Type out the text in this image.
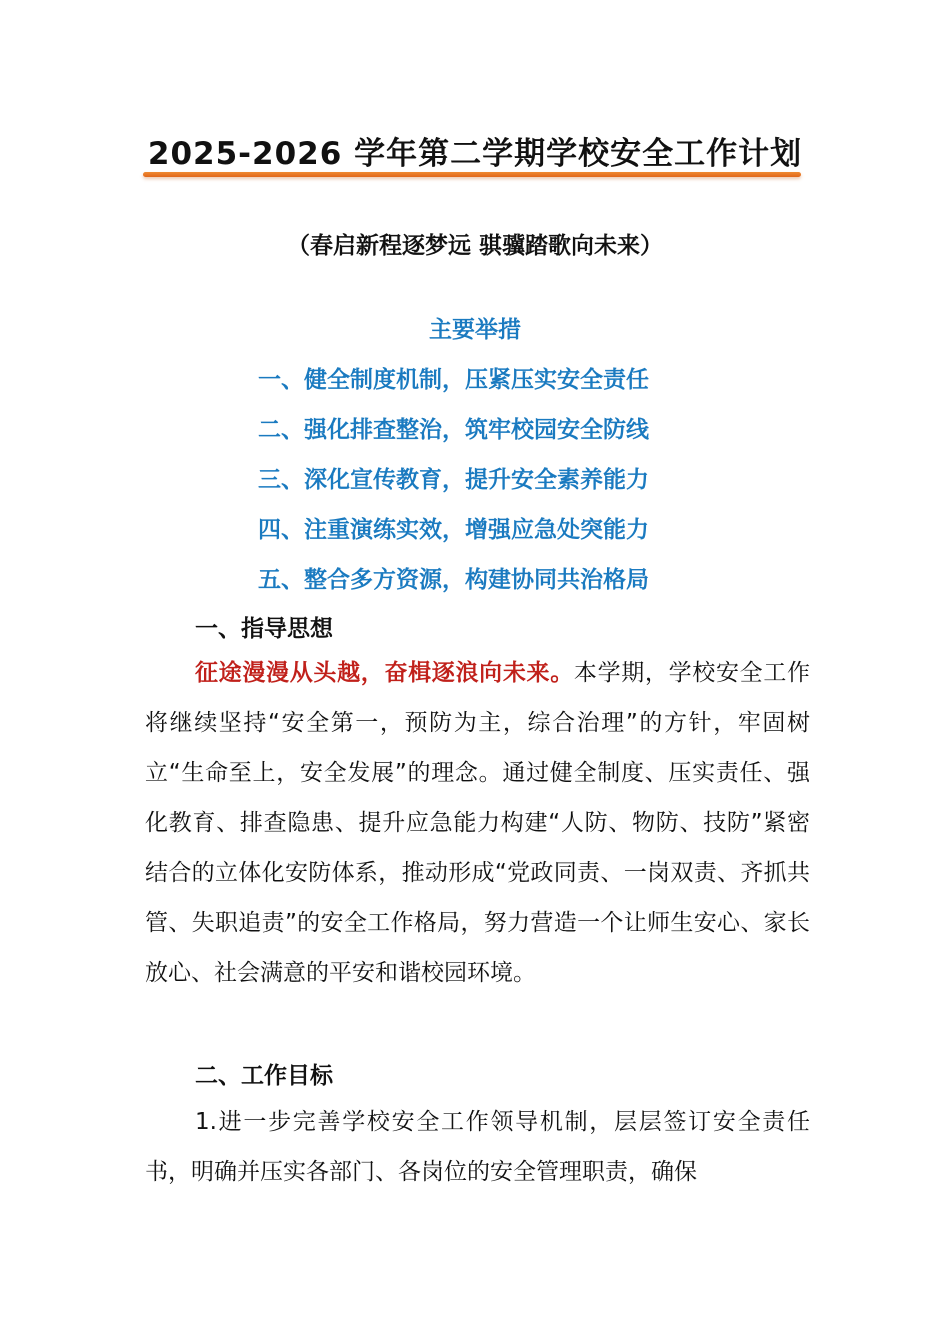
2025-2026 学年第二学期学校安全工作计划
（春启新程逐梦远 骐骥踏歌向未来）
主要举措
一、健全制度机制，压紧压实安全责任
二、强化排查整治，筑牢校园安全防线
三、深化宣传教育，提升安全素养能力
四、注重演练实效，增强应急处突能力
五、整合多方资源，构建协同共治格局
一、指导思想
征途漫漫从头越，奋楫逐浪向未来。本学期，学校安全工作将继续坚持“安全第一，预防为主，综合治理”的方针，牢固树立“生命至上，安全发展”的理念。通过健全制度、压实责任、强化教育、排查隐患、提升应急能力构建“人防、物防、技防”紧密结合的立体化安防体系，推动形成“党政同责、一岗双责、齐抓共管、失职追责”的安全工作格局，努力营造一个让师生安心、家长放心、社会满意的平安和谐校园环境。
二、工作目标
1.进一步完善学校安全工作领导机制，层层签订安全责任书，明确并压实各部门、各岗位的安全管理职责，确保
